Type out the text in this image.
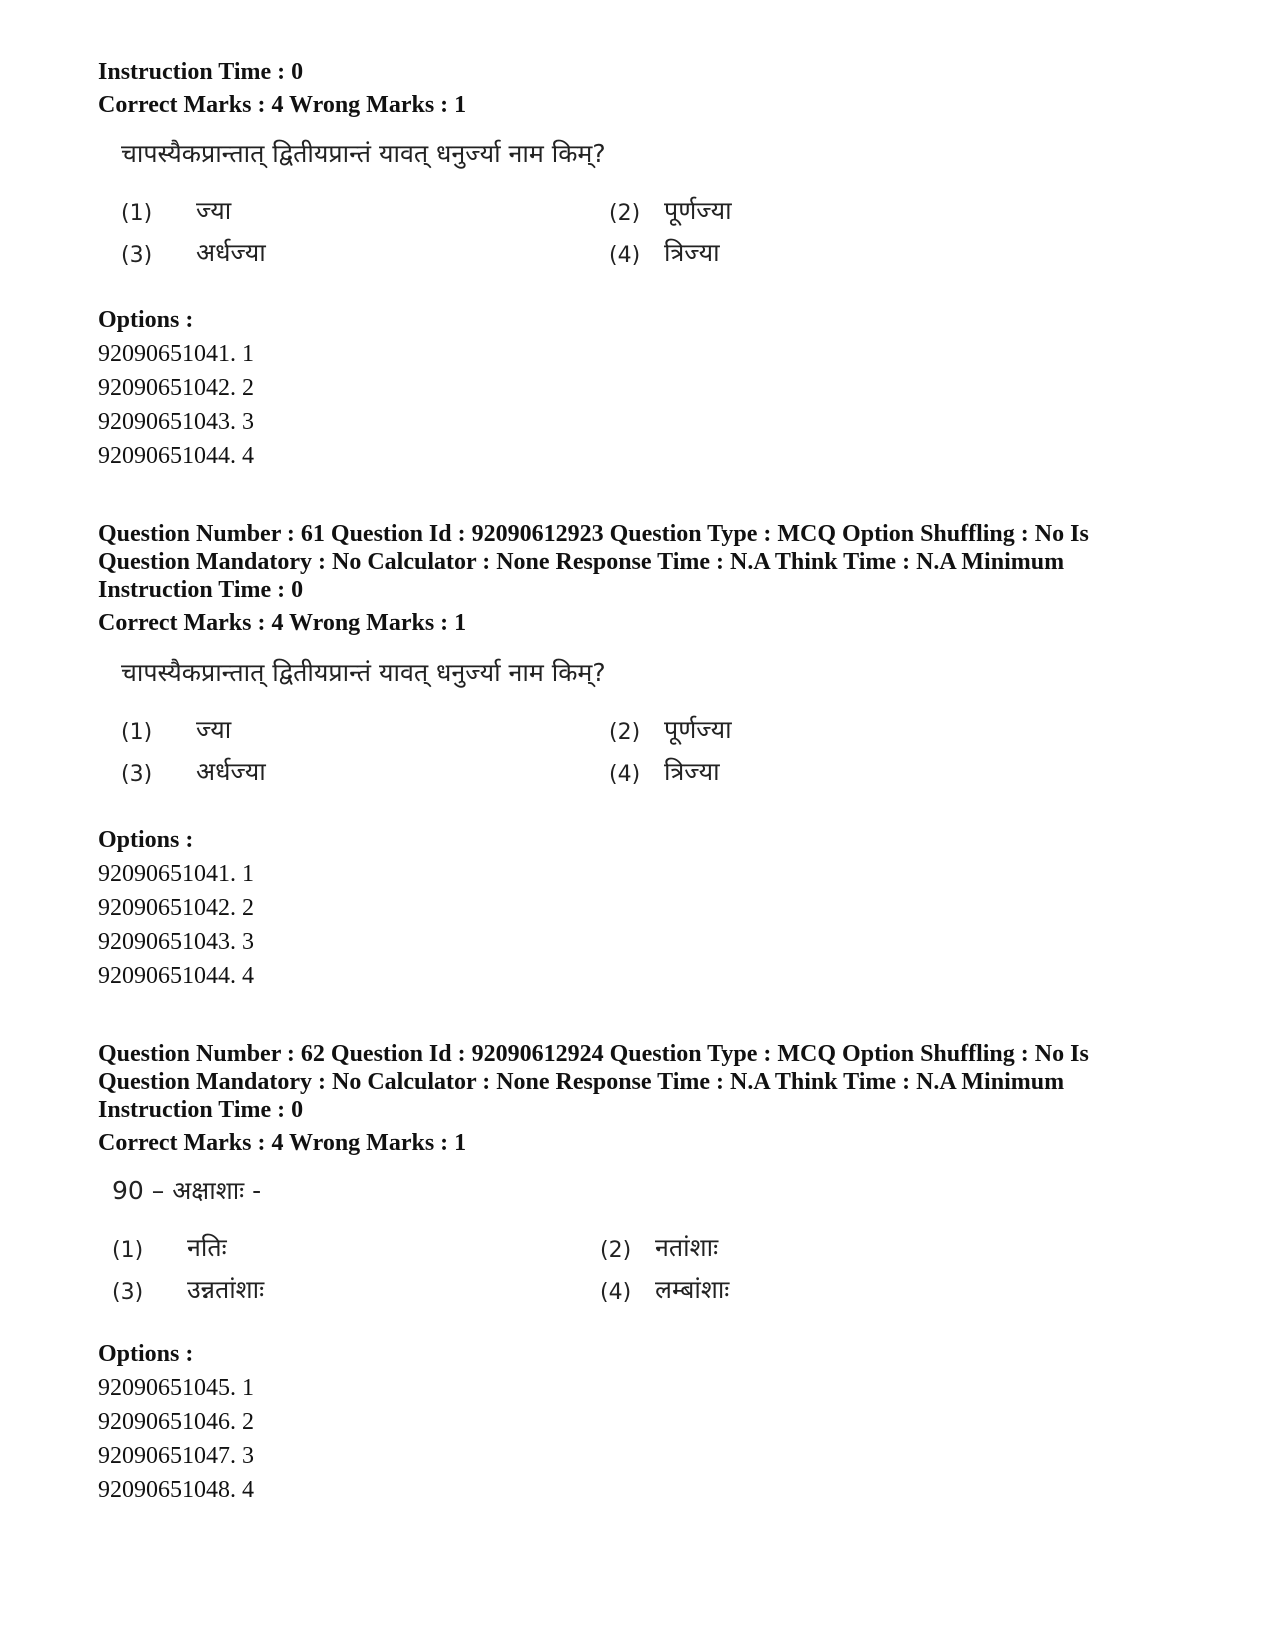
Instruction Time : 0
Correct Marks : 4 Wrong Marks : 1
चापस्यैकप्रान्तात् द्वितीयप्रान्तं यावत् धनुर्ज्या नाम किम्?
(1) ज्या	(2) पूर्णज्या
(3) अर्धज्या	(4) त्रिज्या
Options :
92090651041. 1
92090651042. 2
92090651043. 3
92090651044. 4
Question Number : 61 Question Id : 92090612923 Question Type : MCQ Option Shuffling : No Is
Question Mandatory : No Calculator : None Response Time : N.A Think Time : N.A Minimum
Instruction Time : 0
Correct Marks : 4 Wrong Marks : 1
चापस्यैकप्रान्तात् द्वितीयप्रान्तं यावत् धनुर्ज्या नाम किम्?
(1) ज्या	(2) पूर्णज्या
(3) अर्धज्या	(4) त्रिज्या
Options :
92090651041. 1
92090651042. 2
92090651043. 3
92090651044. 4
Question Number : 62 Question Id : 92090612924 Question Type : MCQ Option Shuffling : No Is
Question Mandatory : No Calculator : None Response Time : N.A Think Time : N.A Minimum
Instruction Time : 0
Correct Marks : 4 Wrong Marks : 1
90 – अक्षाशाः -
(1) नतिः	(2) नतांशाः
(3) उन्नतांशाः	(4) लम्बांशाः
Options :
92090651045. 1
92090651046. 2
92090651047. 3
92090651048. 4
